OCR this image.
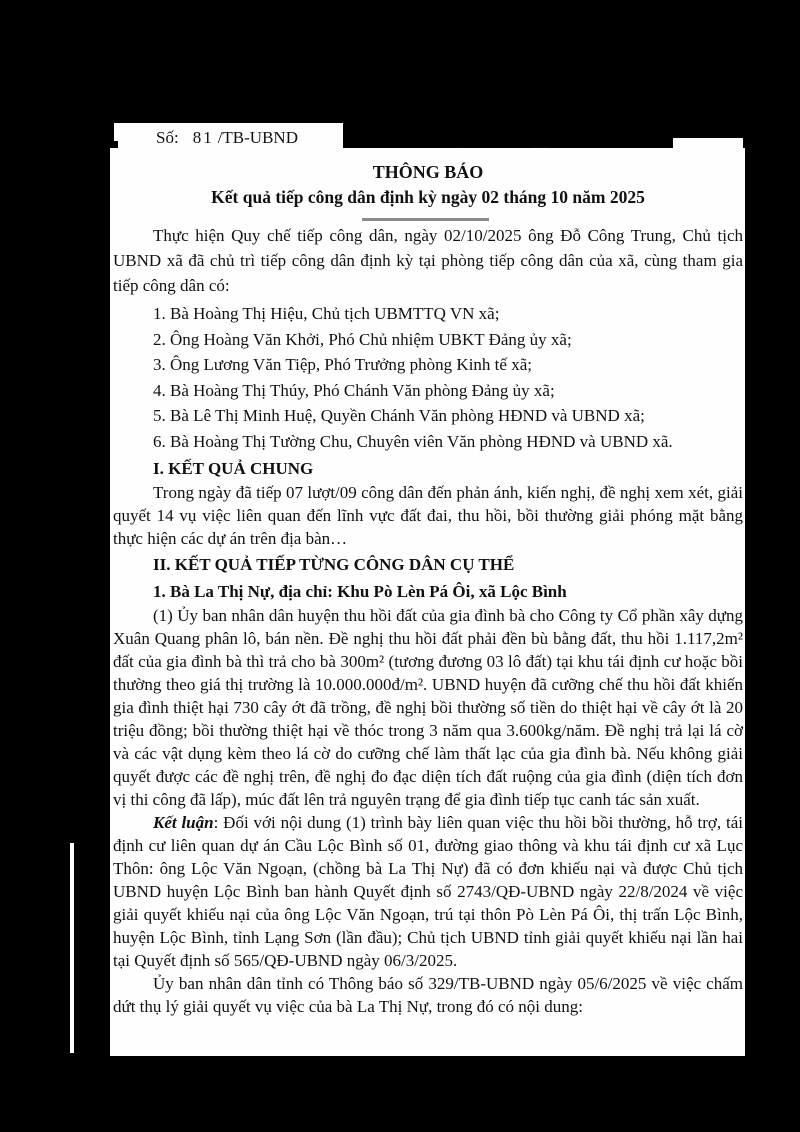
Số: 81 /TB-UBND
THÔNG BÁO
Kết quả tiếp công dân định kỳ ngày 02 tháng 10 năm 2025

Thực hiện Quy chế tiếp công dân, ngày 02/10/2025 ông Đỗ Công Trung, Chủ tịch UBND xã đã chủ trì tiếp công dân định kỳ tại phòng tiếp công dân của xã, cùng tham gia tiếp công dân có:

1. Bà Hoàng Thị Hiệu, Chủ tịch UBMTTQ VN xã;
2. Ông Hoàng Văn Khởi, Phó Chủ nhiệm UBKT Đảng ủy xã;
3. Ông Lương Văn Tiệp, Phó Trưởng phòng Kinh tế xã;
4. Bà Hoàng Thị Thúy, Phó Chánh Văn phòng Đảng ủy xã;
5. Bà Lê Thị Minh Huệ, Quyền Chánh Văn phòng HĐND và UBND xã;
6. Bà Hoàng Thị Tường Chu, Chuyên viên Văn phòng HĐND và UBND xã.
I. KẾT QUẢ CHUNG

Trong ngày đã tiếp 07 lượt/09 công dân đến phản ánh, kiến nghị, đề nghị xem xét, giải quyết 14 vụ việc liên quan đến lĩnh vực đất đai, thu hồi, bồi thường giải phóng mặt bằng thực hiện các dự án trên địa bàn…

II. KẾT QUẢ TIẾP TỪNG CÔNG DÂN CỤ THỂ
1. Bà La Thị Nự, địa chỉ: Khu Pò Lèn Pá Ôi, xã Lộc Bình

(1) Ủy ban nhân dân huyện thu hồi đất của gia đình bà cho Công ty Cổ phần xây dựng Xuân Quang phân lô, bán nền. Đề nghị thu hồi đất phải đền bù bằng đất, thu hồi 1.117,2m² đất của gia đình bà thì trả cho bà 300m² (tương đương 03 lô đất) tại khu tái định cư hoặc bồi thường theo giá thị trường là 10.000.000đ/m². UBND huyện đã cưỡng chế thu hồi đất khiến gia đình thiệt hại 730 cây ớt đã trồng, đề nghị bồi thường số tiền do thiệt hại về cây ớt là 20 triệu đồng; bồi thường thiệt hại về thóc trong 3 năm qua 3.600kg/năm. Đề nghị trả lại lá cờ và các vật dụng kèm theo lá cờ do cưỡng chế làm thất lạc của gia đình bà. Nếu không giải quyết được các đề nghị trên, đề nghị đo đạc diện tích đất ruộng của gia đình (diện tích đơn vị thi công đã lấp), múc đất lên trả nguyên trạng để gia đình tiếp tục canh tác sản xuất.

Kết luận: Đối với nội dung (1) trình bày liên quan việc thu hồi bồi thường, hỗ trợ, tái định cư liên quan dự án Cầu Lộc Bình số 01, đường giao thông và khu tái định cư xã Lục Thôn: ông Lộc Văn Ngoạn, (chồng bà La Thị Nự) đã có đơn khiếu nại và được Chủ tịch UBND huyện Lộc Bình ban hành Quyết định số 2743/QĐ-UBND ngày 22/8/2024 về việc giải quyết khiếu nại của ông Lộc Văn Ngoạn, trú tại thôn Pò Lèn Pá Ôi, thị trấn Lộc Bình, huyện Lộc Bình, tỉnh Lạng Sơn (lần đầu); Chủ tịch UBND tỉnh giải quyết khiếu nại lần hai tại Quyết định số 565/QĐ-UBND ngày 06/3/2025.

Ủy ban nhân dân tỉnh có Thông báo số 329/TB-UBND ngày 05/6/2025 về việc chấm dứt thụ lý giải quyết vụ việc của bà La Thị Nự, trong đó có nội dung:
